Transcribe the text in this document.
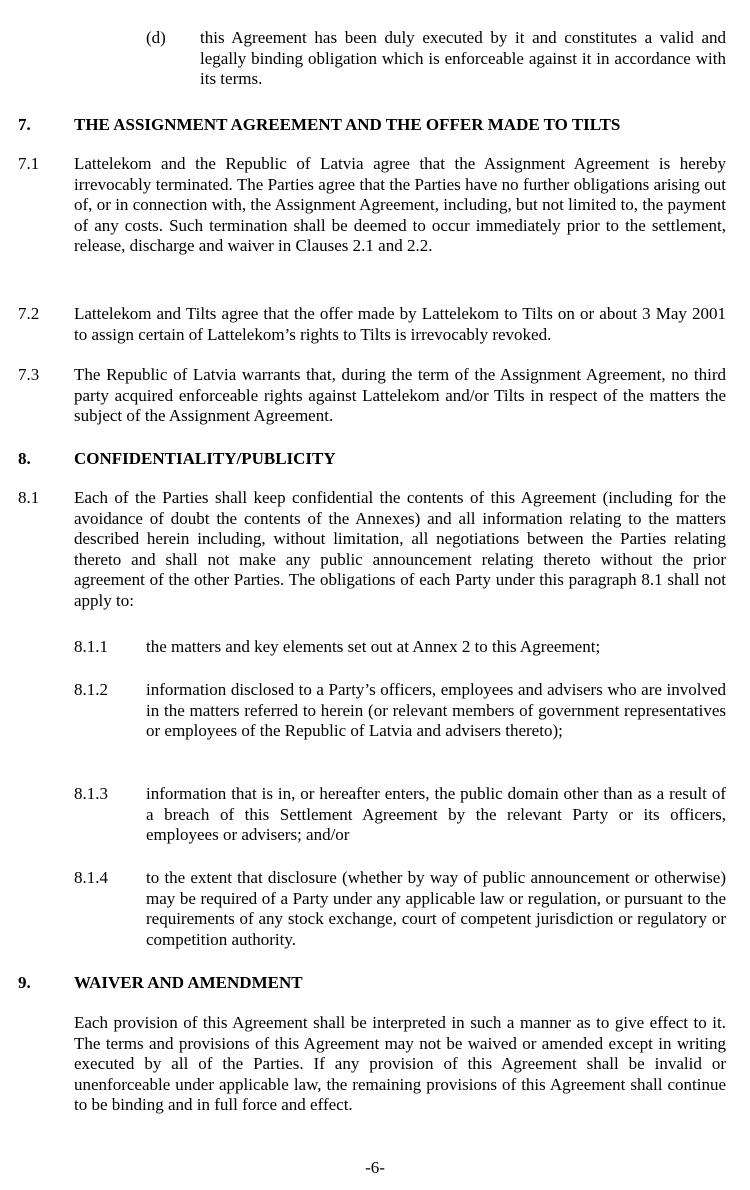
(d) this Agreement has been duly executed by it and constitutes a valid and legally binding obligation which is enforceable against it in accordance with its terms.
7.	THE ASSIGNMENT AGREEMENT AND THE OFFER MADE TO TILTS
7.1 Lattelekom and the Republic of Latvia agree that the Assignment Agreement is hereby irrevocably terminated. The Parties agree that the Parties have no further obligations arising out of, or in connection with, the Assignment Agreement, including, but not limited to, the payment of any costs. Such termination shall be deemed to occur immediately prior to the settlement, release, discharge and waiver in Clauses 2.1 and 2.2.
7.2 Lattelekom and Tilts agree that the offer made by Lattelekom to Tilts on or about 3 May 2001 to assign certain of Lattelekom’s rights to Tilts is irrevocably revoked.
7.3 The Republic of Latvia warrants that, during the term of the Assignment Agreement, no third party acquired enforceable rights against Lattelekom and/or Tilts in respect of the matters the subject of the Assignment Agreement.
8.	CONFIDENTIALITY/PUBLICITY
8.1 Each of the Parties shall keep confidential the contents of this Agreement (including for the avoidance of doubt the contents of the Annexes) and all information relating to the matters described herein including, without limitation, all negotiations between the Parties relating thereto and shall not make any public announcement relating thereto without the prior agreement of the other Parties. The obligations of each Party under this paragraph 8.1 shall not apply to:
8.1.1 the matters and key elements set out at Annex 2 to this Agreement;
8.1.2 information disclosed to a Party’s officers, employees and advisers who are involved in the matters referred to herein (or relevant members of government representatives or employees of the Republic of Latvia and advisers thereto);
8.1.3 information that is in, or hereafter enters, the public domain other than as a result of a breach of this Settlement Agreement by the relevant Party or its officers, employees or advisers; and/or
8.1.4 to the extent that disclosure (whether by way of public announcement or otherwise) may be required of a Party under any applicable law or regulation, or pursuant to the requirements of any stock exchange, court of competent jurisdiction or regulatory or competition authority.
9.	WAIVER AND AMENDMENT
Each provision of this Agreement shall be interpreted in such a manner as to give effect to it. The terms and provisions of this Agreement may not be waived or amended except in writing executed by all of the Parties. If any provision of this Agreement shall be invalid or unenforceable under applicable law, the remaining provisions of this Agreement shall continue to be binding and in full force and effect.
-6-
